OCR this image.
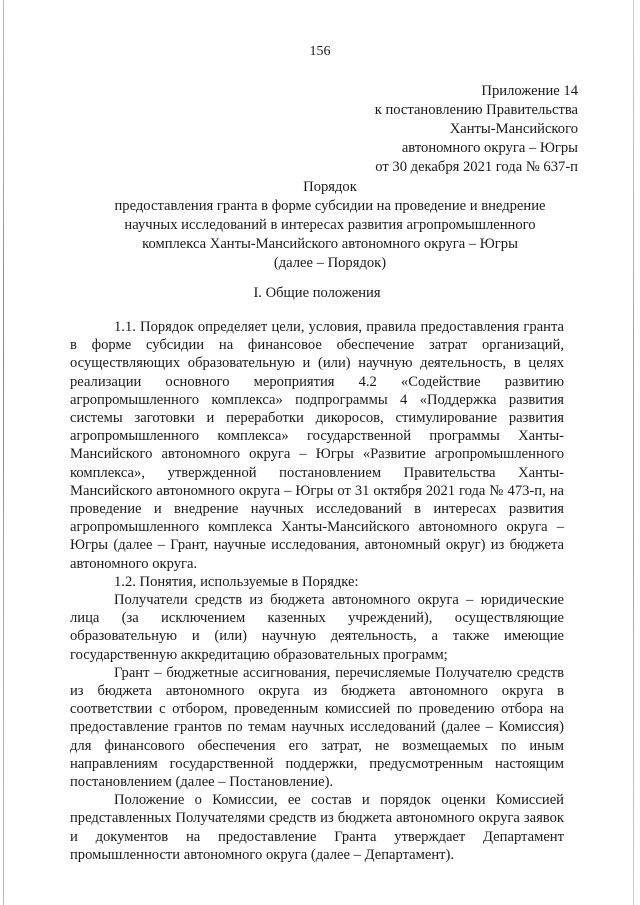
156
Приложение 14
к постановлению Правительства
Ханты-Мансийского
автономного округа – Югры
от 30 декабря 2021 года № 637-п
Порядок
предоставления гранта в форме субсидии на проведение и внедрение
научных исследований в интересах развития агропромышленного
комплекса Ханты-Мансийского автономного округа – Югры
(далее – Порядок)
I. Общие положения

1.1. Порядок определяет цели, условия, правила предоставления гранта в форме субсидии на финансовое обеспечение затрат организаций, осуществляющих образовательную и (или) научную деятельность, в целях реализации основного мероприятия 4.2 «Содействие развитию агропромышленного комплекса» подпрограммы 4 «Поддержка развития системы заготовки и переработки дикоросов, стимулирование развития агропромышленного комплекса» государственной программы Ханты-Мансийского автономного округа – Югры «Развитие агропромышленного комплекса», утвержденной постановлением Правительства Ханты-Мансийского автономного округа – Югры от 31 октября 2021 года № 473-п, на проведение и внедрение научных исследований в интересах развития агропромышленного комплекса Ханты-Мансийского автономного округа – Югры (далее – Грант, научные исследования, автономный округ) из бюджета автономного округа.

1.2. Понятия, используемые в Порядке:

Получатели средств из бюджета автономного округа – юридические лица (за исключением казенных учреждений), осуществляющие образовательную и (или) научную деятельность, а также имеющие государственную аккредитацию образовательных программ;

Грант – бюджетные ассигнования, перечисляемые Получателю средств из бюджета автономного округа из бюджета автономного округа в соответствии с отбором, проведенным комиссией по проведению отбора на предоставление грантов по темам научных исследований (далее – Комиссия) для финансового обеспечения его затрат, не возмещаемых по иным направлениям государственной поддержки, предусмотренным настоящим постановлением (далее – Постановление).

Положение о Комиссии, ее состав и порядок оценки Комиссией представленных Получателями средств из бюджета автономного округа заявок и документов на предоставление Гранта утверждает Департамент промышленности автономного округа (далее – Департамент).
